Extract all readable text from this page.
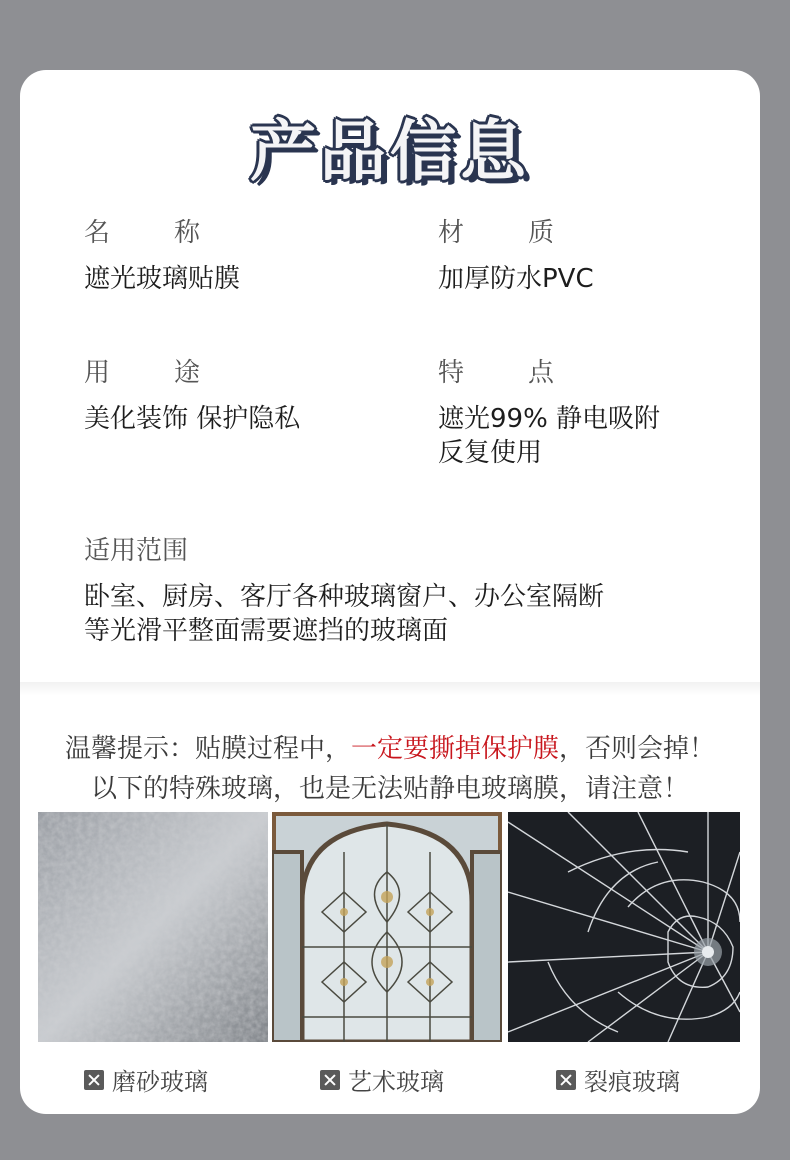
产品信息
名 称
遮光玻璃贴膜
材 质
加厚防水PVC
用 途
美化装饰 保护隐私
特 点
遮光99% 静电吸附
反复使用
适用范围
卧室、厨房、客厅各种玻璃窗户、办公室隔断
等光滑平整面需要遮挡的玻璃面
温馨提示：贴膜过程中，一定要撕掉保护膜，否则会掉！
以下的特殊玻璃，也是无法贴静电玻璃膜，请注意！
磨砂玻璃	艺术玻璃	裂痕玻璃
